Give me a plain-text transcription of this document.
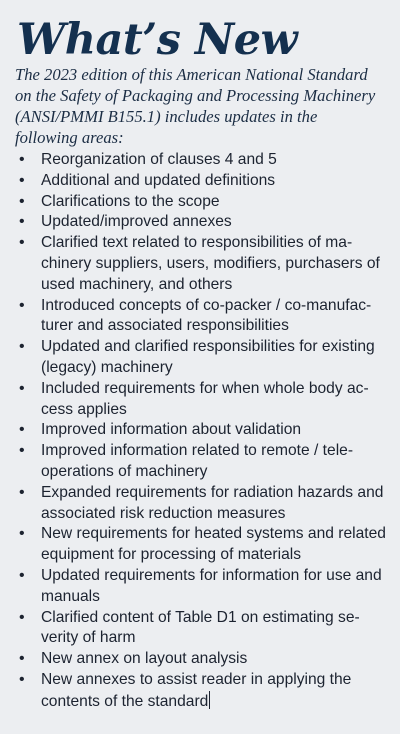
What’s New

The 2023 edition of this American National Standard on the Safety of Packaging and Processing Machinery (ANSI/PMMI B155.1) includes updates in the following areas:

• Reorganization of clauses 4 and 5
• Additional and updated definitions
• Clarifications to the scope
• Updated/improved annexes
• Clarified text related to responsibilities of ma-
chinery suppliers, users, modifiers, purchasers of used machinery, and others
• Introduced concepts of co-packer / co-manufac-
turer and associated responsibilities
• Updated and clarified responsibilities for existing (legacy) machinery
• Included requirements for when whole body ac-
cess applies
• Improved information about validation
• Improved information related to remote / tele-
operations of machinery
• Expanded requirements for radiation hazards and associated risk reduction measures
• New requirements for heated systems and related equipment for processing of materials
• Updated requirements for information for use and manuals
• Clarified content of Table D1 on estimating se-
verity of harm
• New annex on layout analysis
• New annexes to assist reader in applying the contents of the standard
